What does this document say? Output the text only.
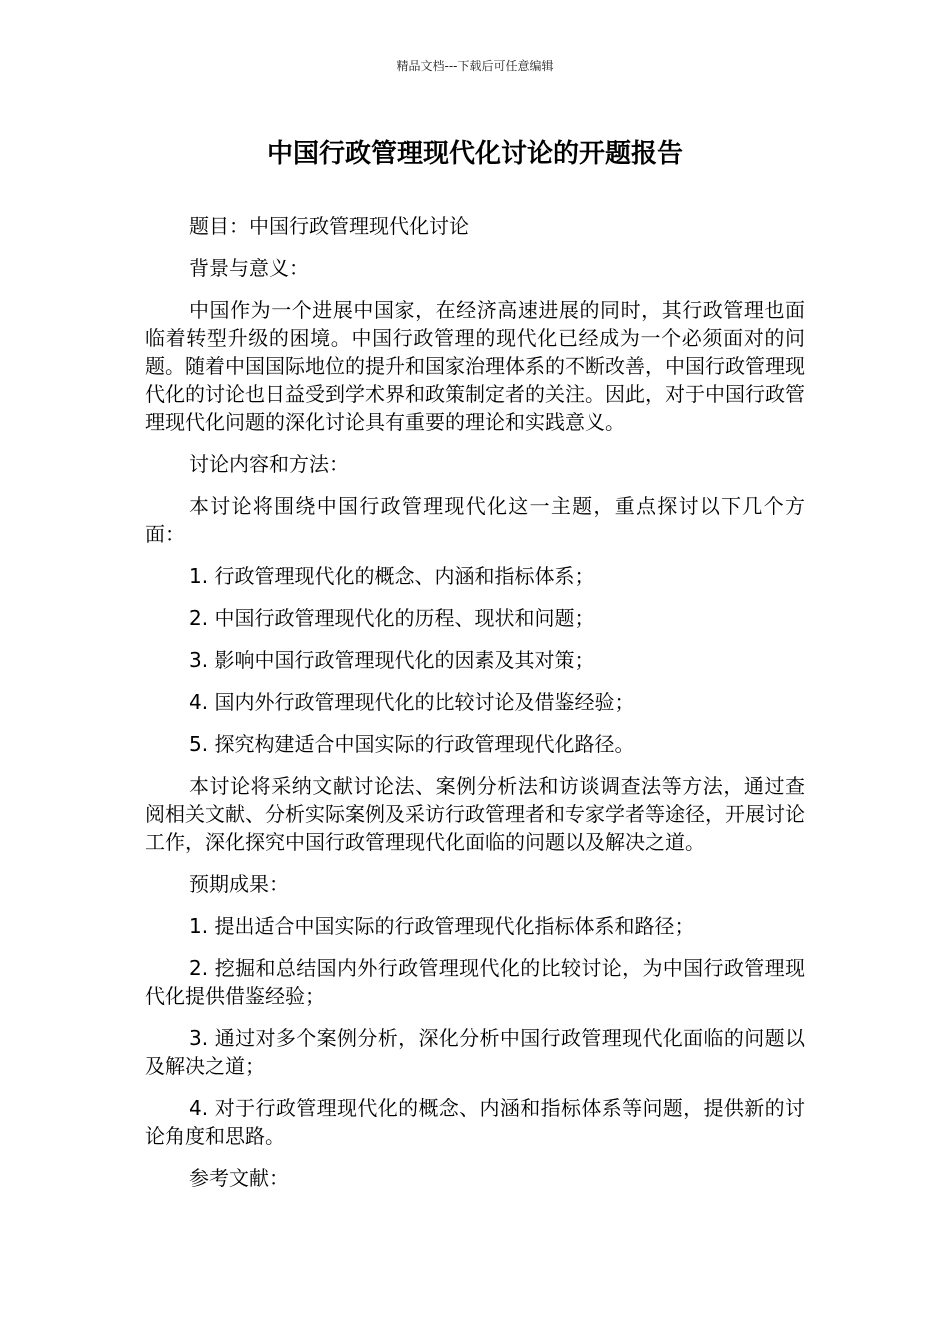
精品文档---下载后可任意编辑
中国行政管理现代化讨论的开题报告

题目：中国行政管理现代化讨论

背景与意义：

中国作为一个进展中国家，在经济高速进展的同时，其行政管理也面临着转型升级的困境。中国行政管理的现代化已经成为一个必须面对的问题。随着中国国际地位的提升和国家治理体系的不断改善，中国行政管理现代化的讨论也日益受到学术界和政策制定者的关注。因此，对于中国行政管理现代化问题的深化讨论具有重要的理论和实践意义。

讨论内容和方法：

本讨论将围绕中国行政管理现代化这一主题，重点探讨以下几个方面：

1. 行政管理现代化的概念、内涵和指标体系；

2. 中国行政管理现代化的历程、现状和问题；

3. 影响中国行政管理现代化的因素及其对策；

4. 国内外行政管理现代化的比较讨论及借鉴经验；

5. 探究构建适合中国实际的行政管理现代化路径。

本讨论将采纳文献讨论法、案例分析法和访谈调查法等方法，通过查阅相关文献、分析实际案例及采访行政管理者和专家学者等途径，开展讨论工作，深化探究中国行政管理现代化面临的问题以及解决之道。

预期成果：

1. 提出适合中国实际的行政管理现代化指标体系和路径；

2. 挖掘和总结国内外行政管理现代化的比较讨论，为中国行政管理现代化提供借鉴经验；

3. 通过对多个案例分析，深化分析中国行政管理现代化面临的问题以及解决之道；

4. 对于行政管理现代化的概念、内涵和指标体系等问题，提供新的讨论角度和思路。

参考文献：
